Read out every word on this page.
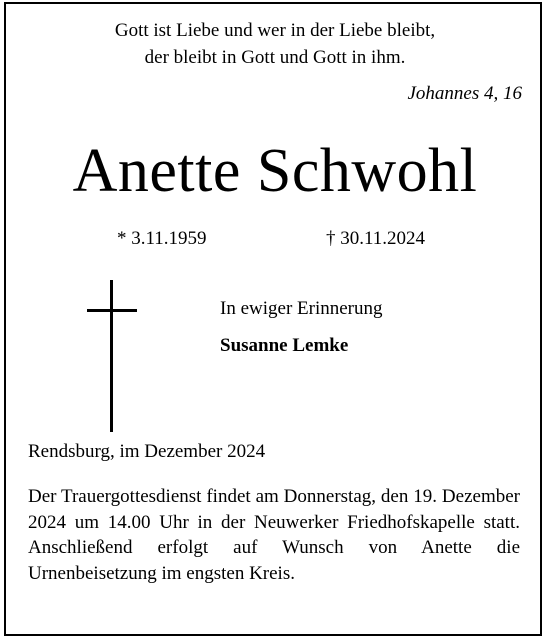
Gott ist Liebe und wer in der Liebe bleibt,
der bleibt in Gott und Gott in ihm.
Johannes 4, 16
Anette Schwohl
* 3.11.1959	† 30.11.2024
In ewiger Erinnerung
Susanne Lemke
Rendsburg, im Dezember 2024

Der Trauergottesdienst findet am Donnerstag, den 19. Dezember 2024 um 14.00 Uhr in der Neuwerker Friedhofskapelle statt. Anschließend erfolgt auf Wunsch von Anette die Urnenbeisetzung im engsten Kreis.
